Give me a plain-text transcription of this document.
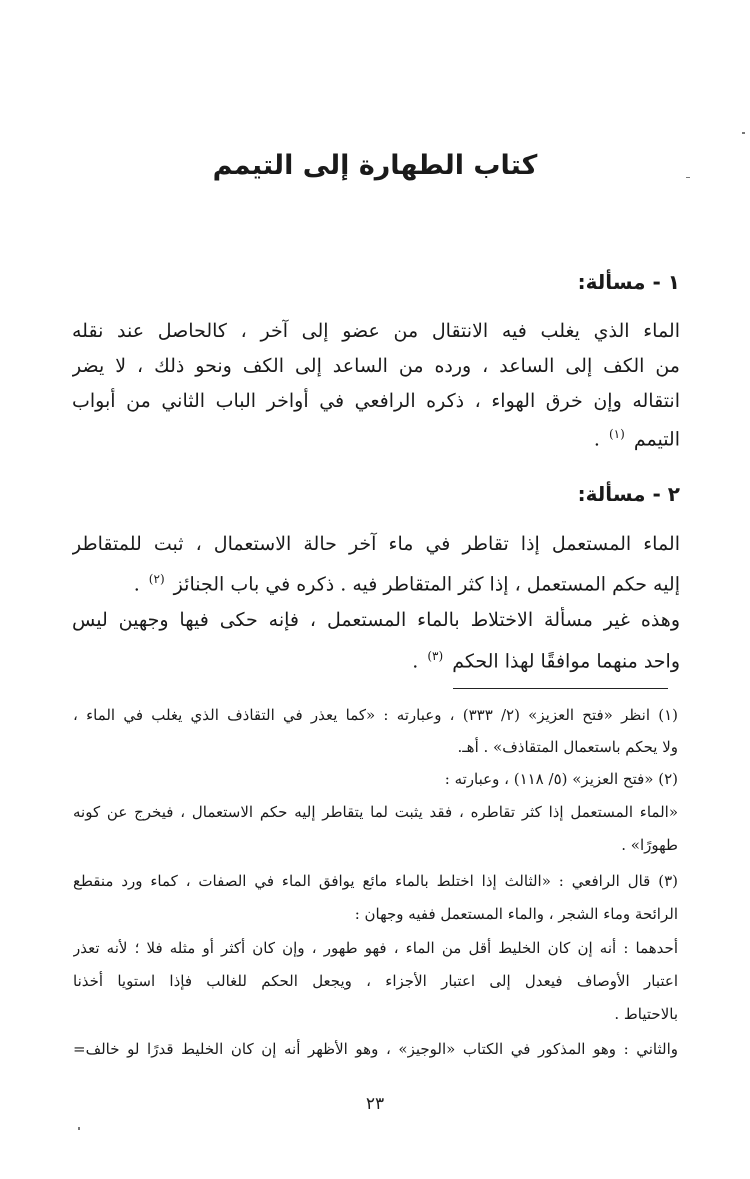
كتاب الطهارة إلى التيمم
١ - مسألة:
الماء الذي يغلب فيه الانتقال من عضو إلى آخر ، كالحاصل عند نقله
من الكف إلى الساعد ، ورده من الساعد إلى الكف ونحو ذلك ، لا يضر
انتقاله وإن خرق الهواء ، ذكره الرافعي في أواخر الباب الثاني من أبواب
التيمم $^{(١)}$ .
٢ - مسألة:
الماء المستعمل إذا تقاطر في ماء آخر حالة الاستعمال ، ثبت للمتقاطر
إليه حكم المستعمل ، إذا كثر المتقاطر فيه . ذكره في باب الجنائز $^{(٢)}$ .
وهذه غير مسألة الاختلاط بالماء المستعمل ، فإنه حكى فيها وجهين ليس
واحد منهما موافقًا لهذا الحكم $^{(٣)}$ .
(١) انظر «فتح العزيز» (٢/ ٣٣٣) ، وعبارته : «كما يعذر في التقاذف الذي يغلب في الماء ،
ولا يحكم باستعمال المتقاذف» . أهـ.
(٢) «فتح العزيز» (٥/ ١١٨) ، وعبارته :
«الماء المستعمل إذا كثر تقاطره ، فقد يثبت لما يتقاطر إليه حكم الاستعمال ، فيخرج عن كونه
طهورًا» .
(٣) قال الرافعي : «الثالث إذا اختلط بالماء مائع يوافق الماء في الصفات ، كماء ورد منقطع
الرائحة وماء الشجر ، والماء المستعمل ففيه وجهان :
أحدهما : أنه إن كان الخليط أقل من الماء ، فهو طهور ، وإن كان أكثر أو مثله فلا ؛ لأنه تعذر
اعتبار الأوصاف فيعدل إلى اعتبار الأجزاء ، ويجعل الحكم للغالب فإذا استويا أخذنا
بالاحتياط .
والثاني : وهو المذكور في الكتاب «الوجيز» ، وهو الأظهر أنه إن كان الخليط قدرًا لو خالف=
٢٣
